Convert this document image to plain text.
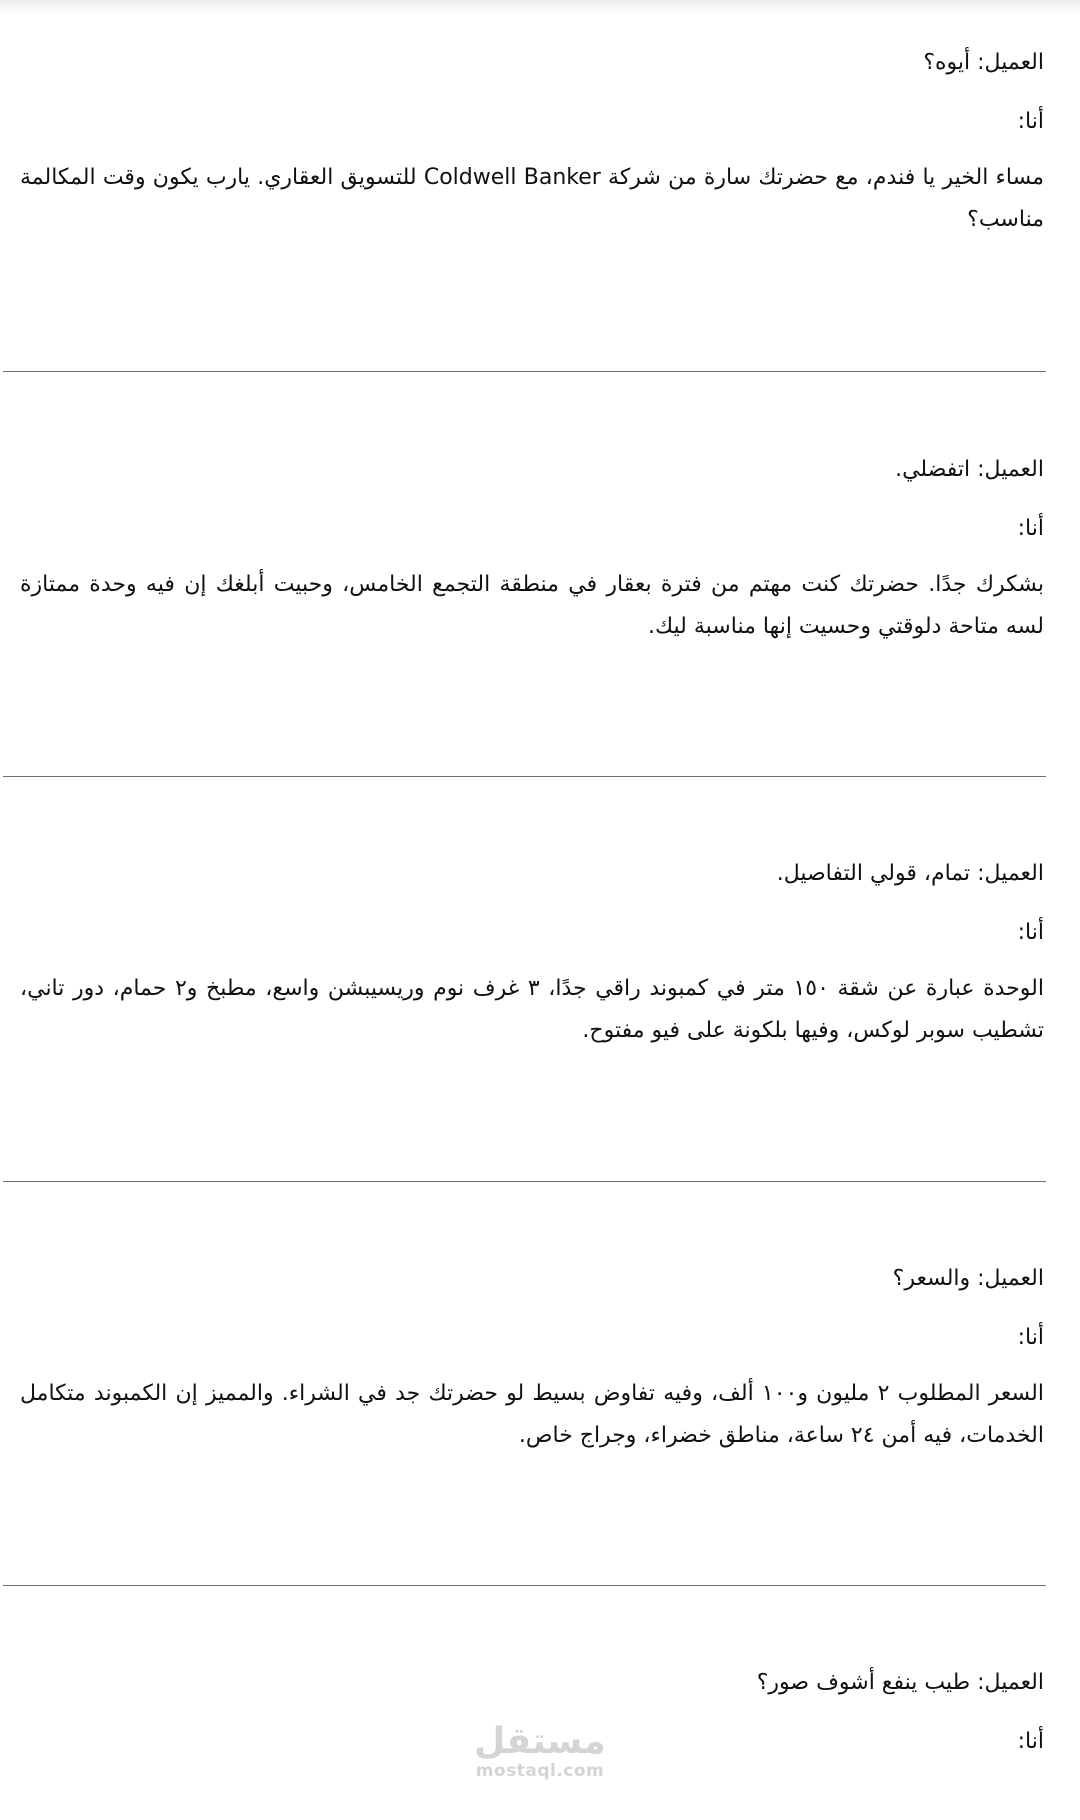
العميل: أيوه؟
أنا:
مساء الخير يا فندم، مع حضرتك سارة من شركة Coldwell Banker للتسويق العقاري. يارب يكون وقت المكالمة مناسب؟
العميل: اتفضلي.
أنا:
بشكرك جدًا. حضرتك كنت مهتم من فترة بعقار في منطقة التجمع الخامس، وحبيت أبلغك إن فيه وحدة ممتازة لسه متاحة دلوقتي وحسيت إنها مناسبة ليك.
العميل: تمام، قولي التفاصيل.
أنا:
الوحدة عبارة عن شقة ١٥٠ متر في كمبوند راقي جدًا، ٣ غرف نوم وريسيبشن واسع، مطبخ و٢ حمام، دور تاني، تشطيب سوبر لوكس، وفيها بلكونة على فيو مفتوح.
العميل: والسعر؟
أنا:
السعر المطلوب ٢ مليون و١٠٠ ألف، وفيه تفاوض بسيط لو حضرتك جد في الشراء. والمميز إن الكمبوند متكامل الخدمات، فيه أمن ٢٤ ساعة، مناطق خضراء، وجراج خاص.
العميل: طيب ينفع أشوف صور؟
أنا:
مستقل
mostaql.com
